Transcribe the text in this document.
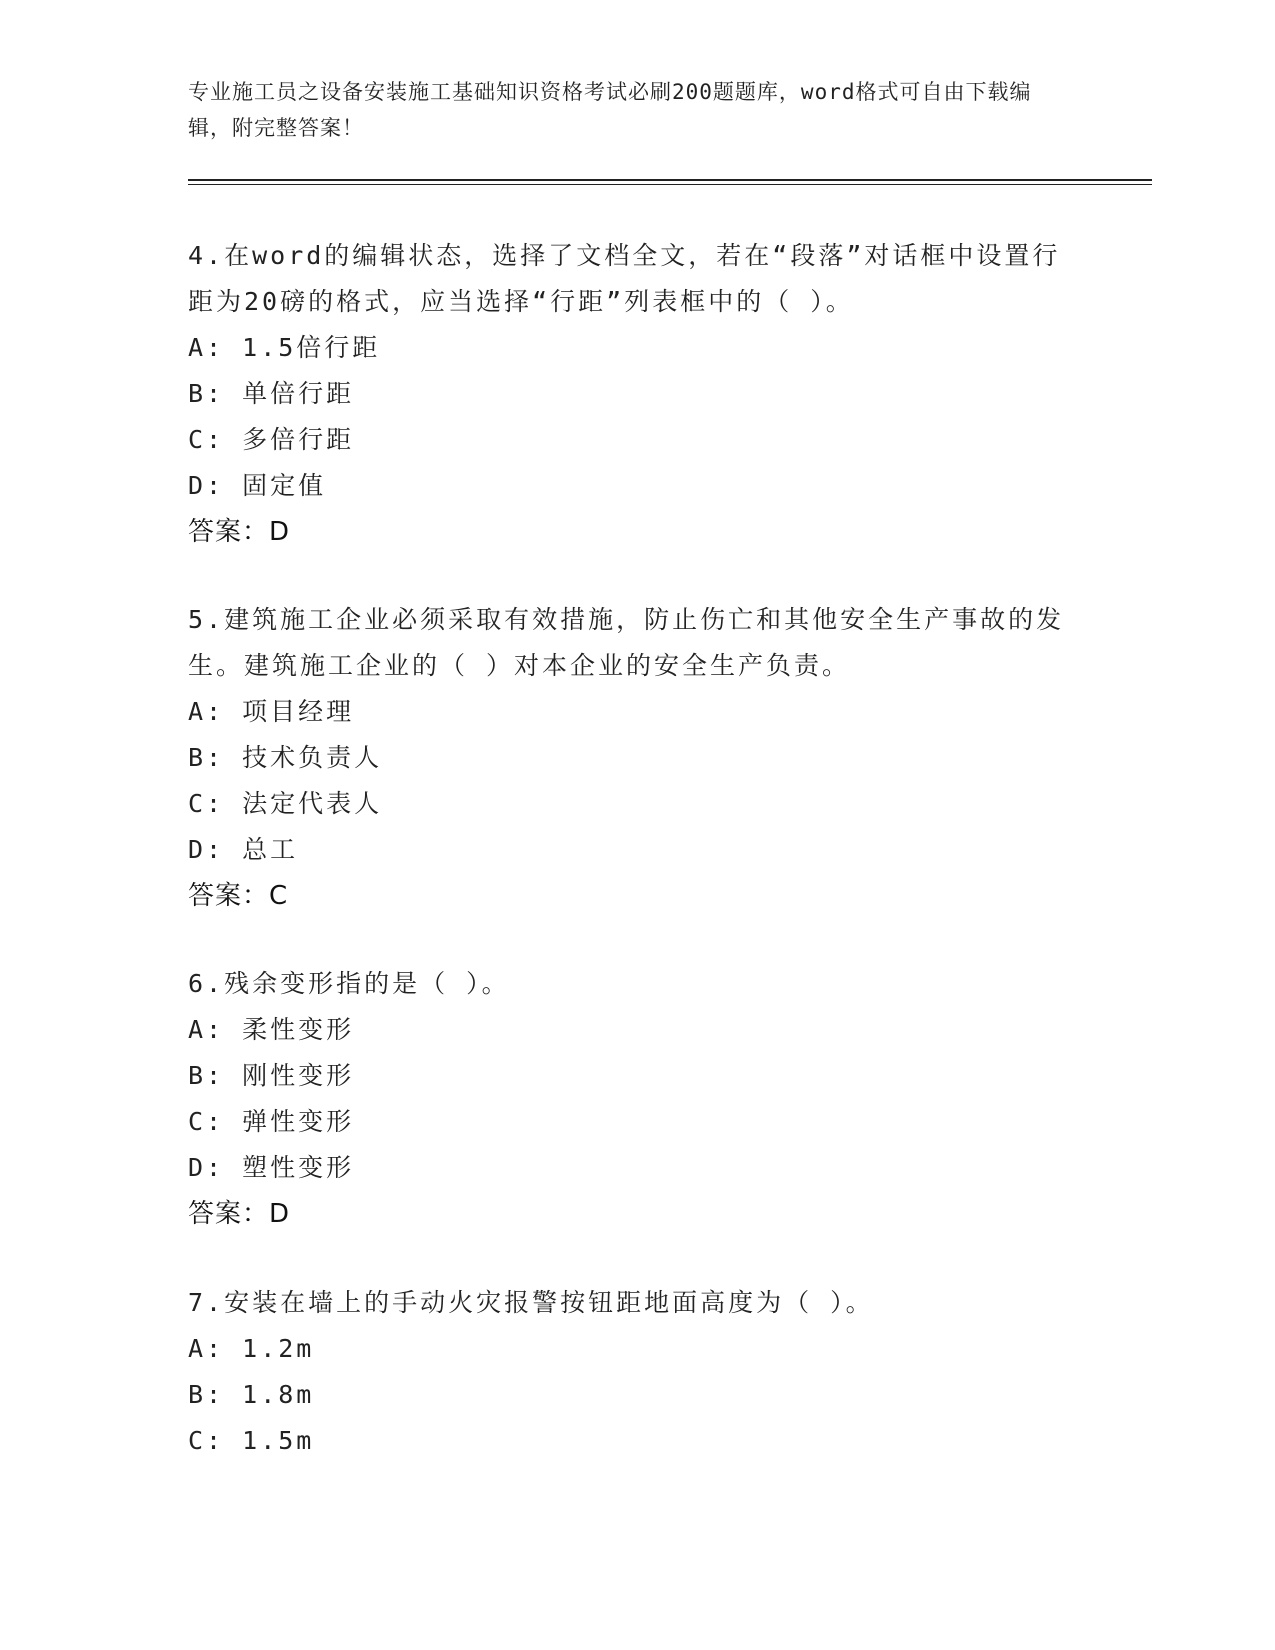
专业施工员之设备安装施工基础知识资格考试必刷200题题库，word格式可自由下载编辑，附完整答案！

4.在word的编辑状态，选择了文档全文，若在“段落”对话框中设置行距为20磅的格式，应当选择“行距”列表框中的（ ）。

A: 1.5倍行距

B: 单倍行距

C: 多倍行距

D: 固定值

答案：D

5.建筑施工企业必须采取有效措施，防止伤亡和其他安全生产事故的发生。建筑施工企业的（ ）对本企业的安全生产负责。

A: 项目经理

B: 技术负责人

C: 法定代表人

D: 总工

答案：C

6.残余变形指的是（ ）。

A: 柔性变形

B: 刚性变形

C: 弹性变形

D: 塑性变形

答案：D

7.安装在墙上的手动火灾报警按钮距地面高度为（ ）。

A: 1.2m

B: 1.8m

C: 1.5m
